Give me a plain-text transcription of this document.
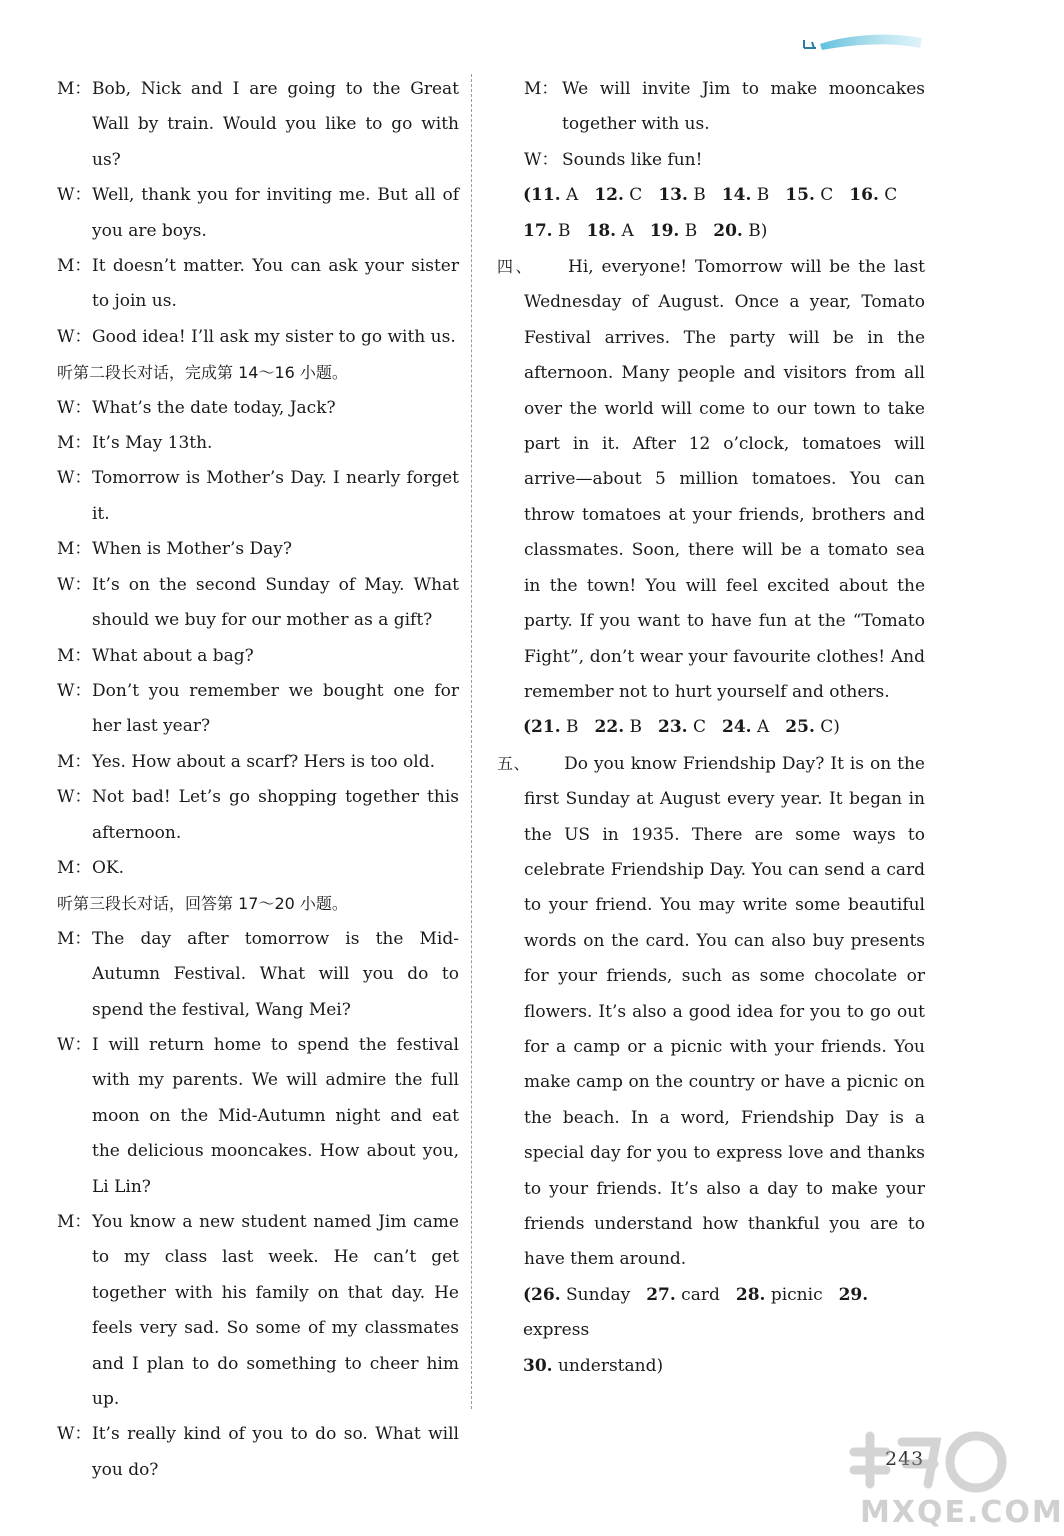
M：Bob, Nick and I are going to the Great Wall by train. Would you like to go with us?
W：Well, thank you for inviting me. But all of you are boys.
M：It doesn’t matter. You can ask your sister to join us.
W：Good idea! I’ll ask my sister to go with us.
听第二段长对话，完成第 14～16 小题。
W：What’s the date today, Jack?
M：It’s May 13th.
W：Tomorrow is Mother’s Day. I nearly forget it.
M：When is Mother’s Day?
W：It’s on the second Sunday of May. What should we buy for our mother as a gift?
M：What about a bag?
W：Don’t you remember we bought one for her last year?
M：Yes. How about a scarf? Hers is too old.
W：Not bad! Let’s go shopping together this afternoon.
M：OK.
听第三段长对话，回答第 17～20 小题。
M：The day after tomorrow is the Mid-Autumn Festival. What will you do to spend the festival, Wang Mei?
W：I will return home to spend the festival with my parents. We will admire the full moon on the Mid-Autumn night and eat the delicious mooncakes. How about you, Li Lin?
M：You know a new student named Jim came to my class last week. He can’t get together with his family on that day. He feels very sad. So some of my classmates and I plan to do something to cheer him up.
W：It’s really kind of you to do so. What will you do?
M： We will invite Jim to make mooncakes together with us.
W： Sounds like fun!
(11. A 12. C 13. B 14. B 15. C 16. C
17. B 18. A 19. B 20. B)
四、 Hi, everyone! Tomorrow will be the last Wednesday of August. Once a year, Tomato Festival arrives. The party will be in the afternoon. Many people and visitors from all over the world will come to our town to take part in it. After 12 o’clock, tomatoes will arrive—about 5 million tomatoes. You can throw tomatoes at your friends, brothers and classmates. Soon, there will be a tomato sea in the town! You will feel excited about the party. If you want to have fun at the “Tomato Fight”, don’t wear your favourite clothes! And remember not to hurt yourself and others.
(21. B 22. B 23. C 24. A 25. C)
五、 Do you know Friendship Day? It is on the first Sunday at August every year. It began in the US in 1935. There are some ways to celebrate Friendship Day. You can send a card to your friend. You may write some beautiful words on the card. You can also buy presents for your friends, such as some chocolate or flowers. It’s also a good idea for you to go out for a camp or a picnic with your friends. You make camp on the country or have a picnic on the beach. In a word, Friendship Day is a special day for you to express love and thanks to your friends. It’s also a day to make your friends understand how thankful you are to have them around.
(26. Sunday 27. card 28. picnic 29. express
30. understand)
243
MXQE.COM
